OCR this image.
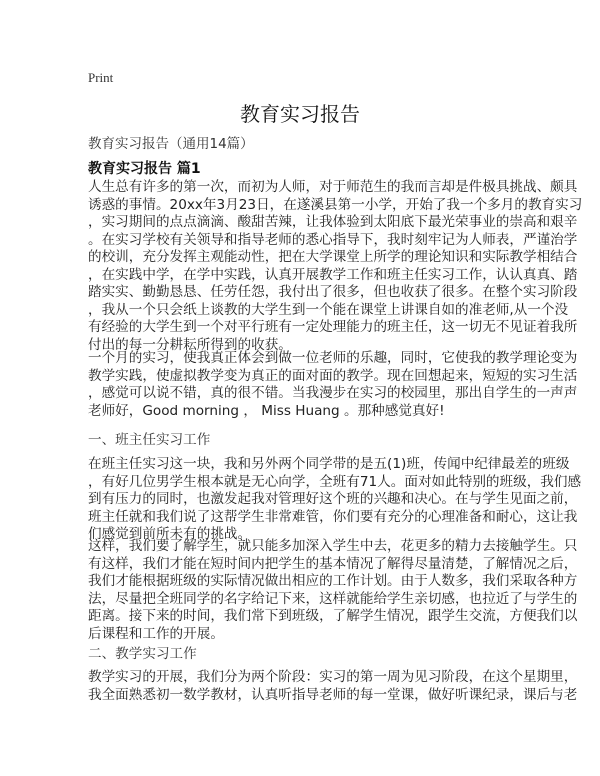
Print
教育实习报告
教育实习报告（通用14篇）
教育实习报告 篇1
人生总有许多的第一次，而初为人师，对于师范生的我而言却是件极具挑战、颇具
诱惑的事情。20xx年3月23日，在遂溪县第一小学，开始了我一个多月的教育实习
，实习期间的点点滴滴、酸甜苦辣，让我体验到太阳底下最光荣事业的崇高和艰辛
。在实习学校有关领导和指导老师的悉心指导下，我时刻牢记为人师表，严谨治学
的校训，充分发挥主观能动性，把在大学课堂上所学的理论知识和实际教学相结合
，在实践中学，在学中实践，认真开展教学工作和班主任实习工作，认认真真、踏
踏实实、勤勤恳恳、任劳任怨，我付出了很多，但也收获了很多。在整个实习阶段
，我从一个只会纸上谈教的大学生到一个能在课堂上讲课自如的准老师,从一个没
有经验的大学生到一个对平行班有一定处理能力的班主任，这一切无不见证着我所
付出的每一分耕耘所得到的收获。
一个月的实习，使我真正体会到做一位老师的乐趣，同时，它使我的教学理论变为
教学实践，使虚拟教学变为真正的面对面的教学。现在回想起来，短短的实习生活
，感觉可以说不错，真的很不错。当我漫步在实习的校园里，那出自学生的一声声
老师好，Good morning ， Miss Huang 。那种感觉真好!
一、班主任实习工作
在班主任实习这一块，我和另外两个同学带的是五(1)班，传闻中纪律最差的班级
，有好几位男学生根本就是无心向学，全班有71人。面对如此特别的班级，我们感
到有压力的同时，也激发起我对管理好这个班的兴趣和决心。在与学生见面之前，
班主任就和我们说了这帮学生非常难管，你们要有充分的心理准备和耐心，这让我
们感觉到前所未有的挑战。
这样，我们要了解学生，就只能多加深入学生中去，花更多的精力去接触学生。只
有这样，我们才能在短时间内把学生的基本情况了解得尽量清楚，了解情况之后，
我们才能根据班级的实际情况做出相应的工作计划。由于人数多，我们采取各种方
法，尽量把全班同学的名字给记下来，这样就能给学生亲切感，也拉近了与学生的
距离。接下来的时间，我们常下到班级，了解学生情况，跟学生交流，方便我们以
后课程和工作的开展。
二、教学实习工作
教学实习的开展，我们分为两个阶段：实习的第一周为见习阶段，在这个星期里，
我全面熟悉初一数学教材，认真听指导老师的每一堂课，做好听课纪录，课后与老
